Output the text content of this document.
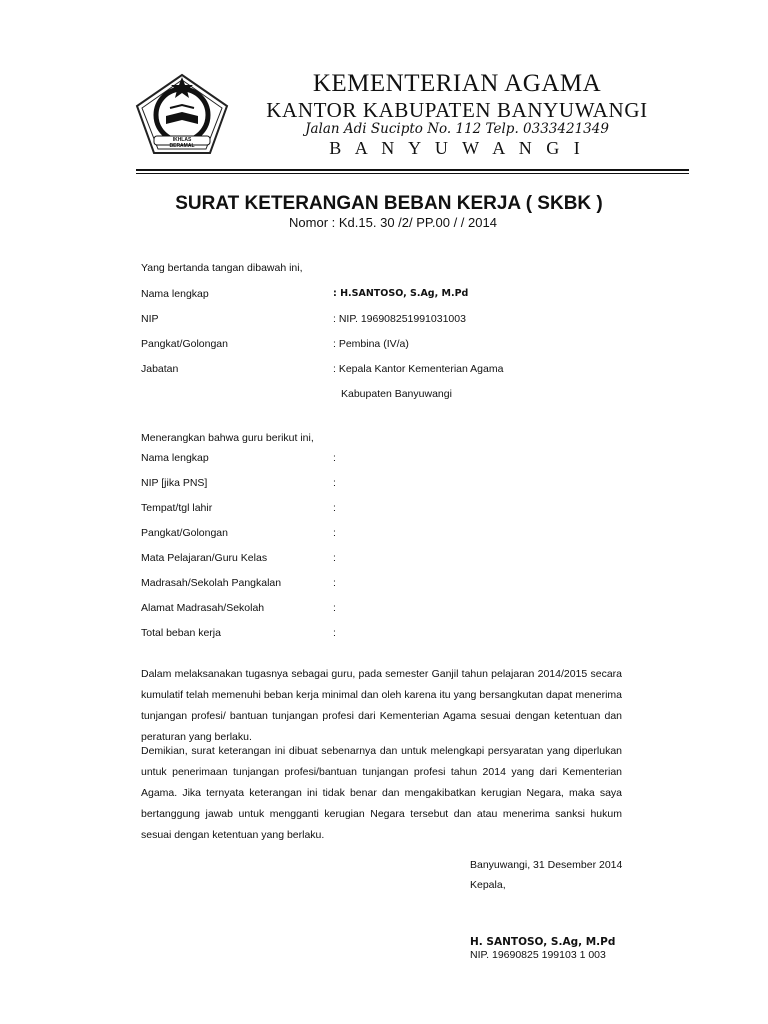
IKHLAS BERAMAL
KEMENTERIAN AGAMA
KANTOR KABUPATEN BANYUWANGI
Jalan Adi Sucipto No. 112 Telp. 0333421349
B A N Y U W A N G I
SURAT KETERANGAN BEBAN KERJA ( SKBK )
Nomor : Kd.15. 30 /2/ PP.00 / / 2014
Yang bertanda tangan dibawah ini,
Nama lengkap	: H.SANTOSO, S.Ag, M.Pd
NIP	: NIP. 196908251991031003
Pangkat/Golongan	: Pembina (IV/a)
Jabatan	: Kepala Kantor Kementerian Agama
Kabupaten Banyuwangi
Menerangkan bahwa guru berikut ini,
Nama lengkap	:
NIP [jika PNS]	:
Tempat/tgl lahir	:
Pangkat/Golongan	:
Mata Pelajaran/Guru Kelas	:
Madrasah/Sekolah Pangkalan	:
Alamat Madrasah/Sekolah	:
Total beban kerja	:
Dalam melaksanakan tugasnya sebagai guru, pada semester Ganjil tahun pelajaran 2014/2015 secara kumulatif telah memenuhi beban kerja minimal dan oleh karena itu yang bersangkutan dapat menerima tunjangan profesi/ bantuan tunjangan profesi dari Kementerian Agama sesuai dengan ketentuan dan peraturan yang berlaku.
Demikian, surat keterangan ini dibuat sebenarnya dan untuk melengkapi persyaratan yang diperlukan untuk penerimaan tunjangan profesi/bantuan tunjangan profesi tahun 2014 yang dari Kementerian Agama. Jika ternyata keterangan ini tidak benar dan mengakibatkan kerugian Negara, maka saya bertanggung jawab untuk mengganti kerugian Negara tersebut dan atau menerima sanksi hukum sesuai dengan ketentuan yang berlaku.
Banyuwangi, 31 Desember 2014
Kepala,
H. SANTOSO, S.Ag, M.Pd
NIP. 19690825 199103 1 003
